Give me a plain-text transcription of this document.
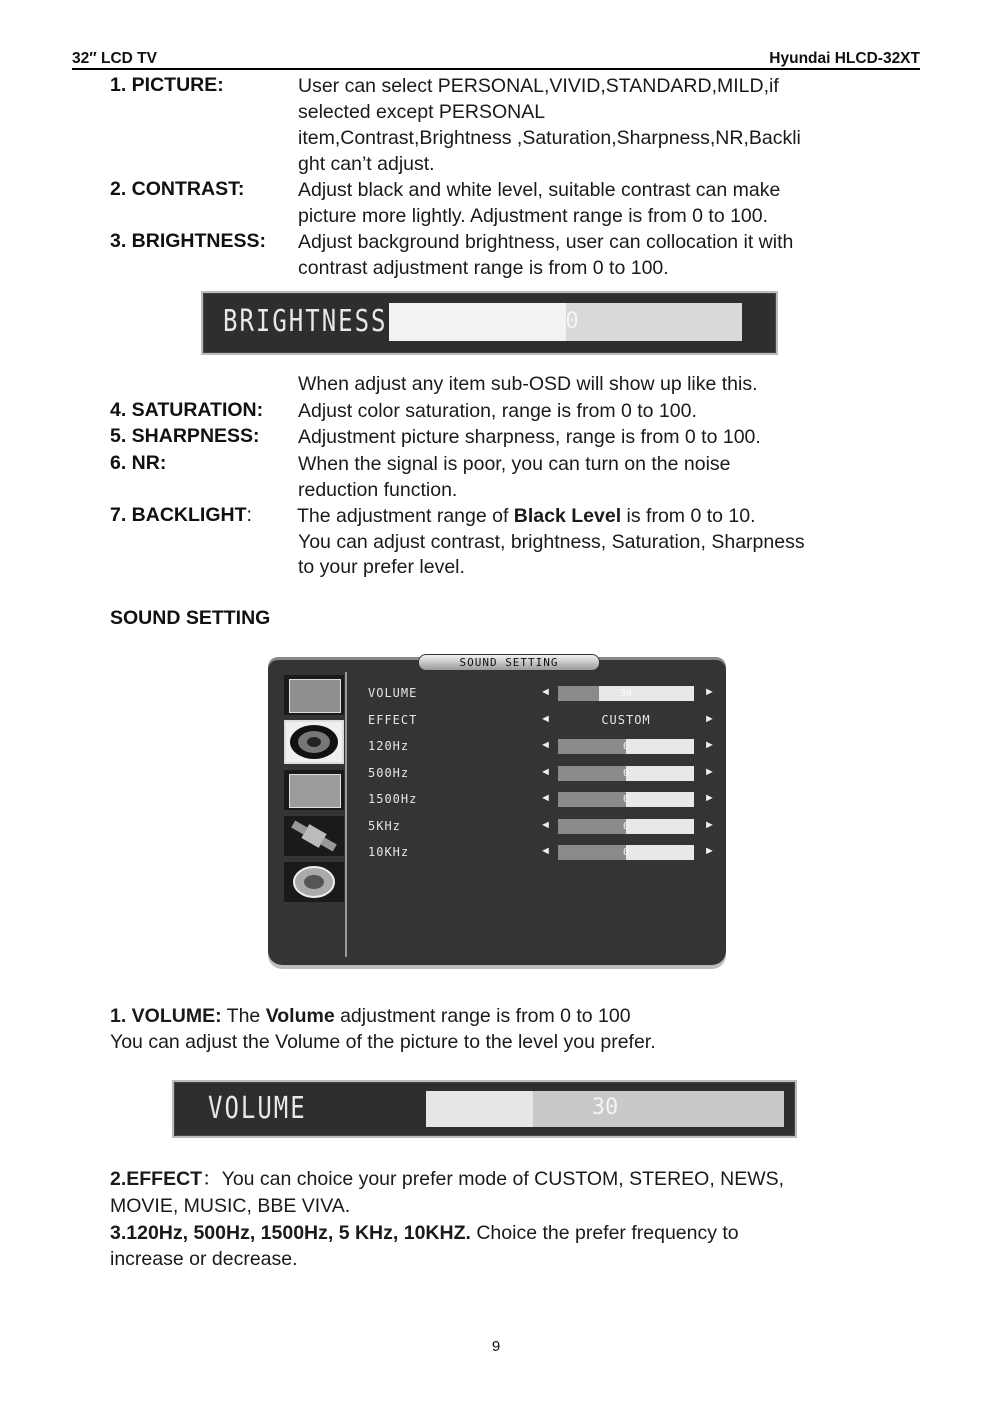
32″ LCD TV	Hyundai HLCD-32XT
1. PICTURE:	User can select PERSONAL,VIVID,STANDARD,MILD,if
selected except PERSONAL
item,Contrast,Brightness ,Saturation,Sharpness,NR,Backli
ght can’t adjust.
2. CONTRAST:	Adjust black and white level, suitable contrast can make
picture more lightly. Adjustment range is from 0 to 100.
3. BRIGHTNESS: Adjust background brightness, user can collocation it with
contrast adjustment range is from 0 to 100.
BRIGHTNESS	50
When adjust any item sub-OSD will show up like this.
4. SATURATION: Adjust color saturation, range is from 0 to 100.
5. SHARPNESS: Adjustment picture sharpness, range is from 0 to 100.
6. NR:	When the signal is poor, you can turn on the noise
reduction function.
7. BACKLIGHT: The adjustment range of Black Level is from 0 to 10.
You can adjust contrast, brightness, Saturation, Sharpness
to your prefer level.
SOUND SETTING
SOUND SETTING
VOLUME	◄	30	►
EFFECT	◄	CUSTOM	►
120Hz	◄	0	►
500Hz	◄	0	►
1500Hz	◄	0	►
5KHz	◄	0	►
10KHz	◄	0	►
1. VOLUME: The Volume adjustment range is from 0 to 100
You can adjust the Volume of the picture to the level you prefer.
VOLUME	30
2.EFFECT：You can choice your prefer mode of CUSTOM, STEREO, NEWS,
MOVIE, MUSIC, BBE VIVA.
3.120Hz, 500Hz, 1500Hz, 5 KHz, 10KHZ. Choice the prefer frequency to
increase or decrease.
9
